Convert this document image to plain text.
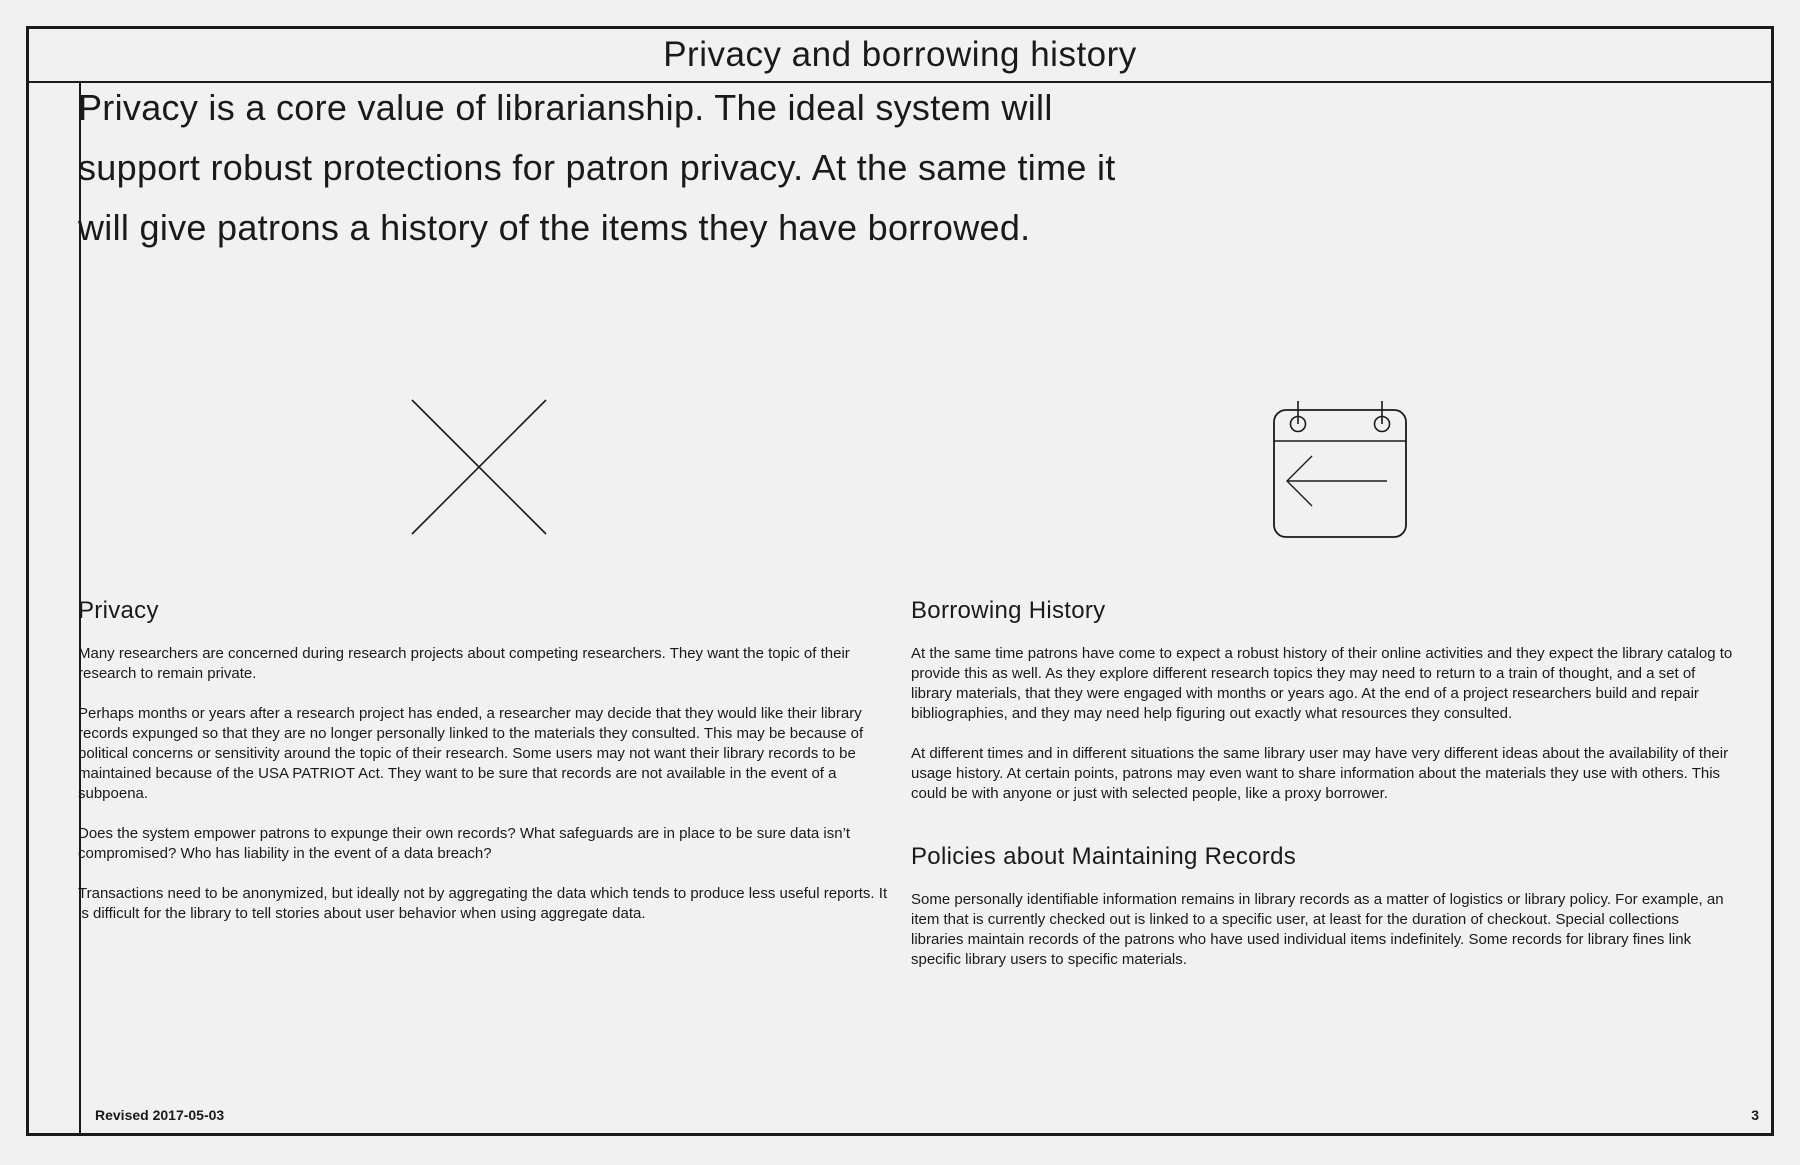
Privacy and borrowing history
Revised 2017-05-03	3

Privacy is a core value of librarianship. The ideal system will support robust protections for patron privacy. At the same time it will give patrons a history of the items they have borrowed.

Privacy

Many researchers are concerned during research projects about competing researchers. They want the topic of their research to remain private.

Perhaps months or years after a research project has ended, a researcher may decide that they would like their library records expunged so that they are no longer personally linked to the materials they consulted. This may be because of political concerns or sensitivity around the topic of their research. Some users may not want their library records to be maintained because of the USA PATRIOT Act. They want to be sure that records are not available in the event of a subpoena.

Does the system empower patrons to expunge their own records? What safeguards are in place to be sure data isn’t compromised? Who has liability in the event of a data breach?

Transactions need to be anonymized, but ideally not by aggregating the data which tends to produce less useful reports. It is difficult for the library to tell stories about user behavior when using aggregate data.

Borrowing History

At the same time patrons have come to expect a robust history of their online activities and they expect the library catalog to provide this as well. As they explore different research topics they may need to return to a train of thought, and a set of library materials, that they were engaged with months or years ago. At the end of a project researchers build and repair bibliographies, and they may need help figuring out exactly what resources they consulted.

At different times and in different situations the same library user may have very different ideas about the availability of their usage history. At certain points, patrons may even want to share information about the materials they use with others. This could be with anyone or just with selected people, like a proxy borrower.

Policies about Maintaining Records

Some personally identifiable information remains in library records as a matter of logistics or library policy. For example, an item that is currently checked out is linked to a specific user, at least for the duration of checkout. Special collections libraries maintain records of the patrons who have used individual items indefinitely. Some records for library fines link specific library users to specific materials.
